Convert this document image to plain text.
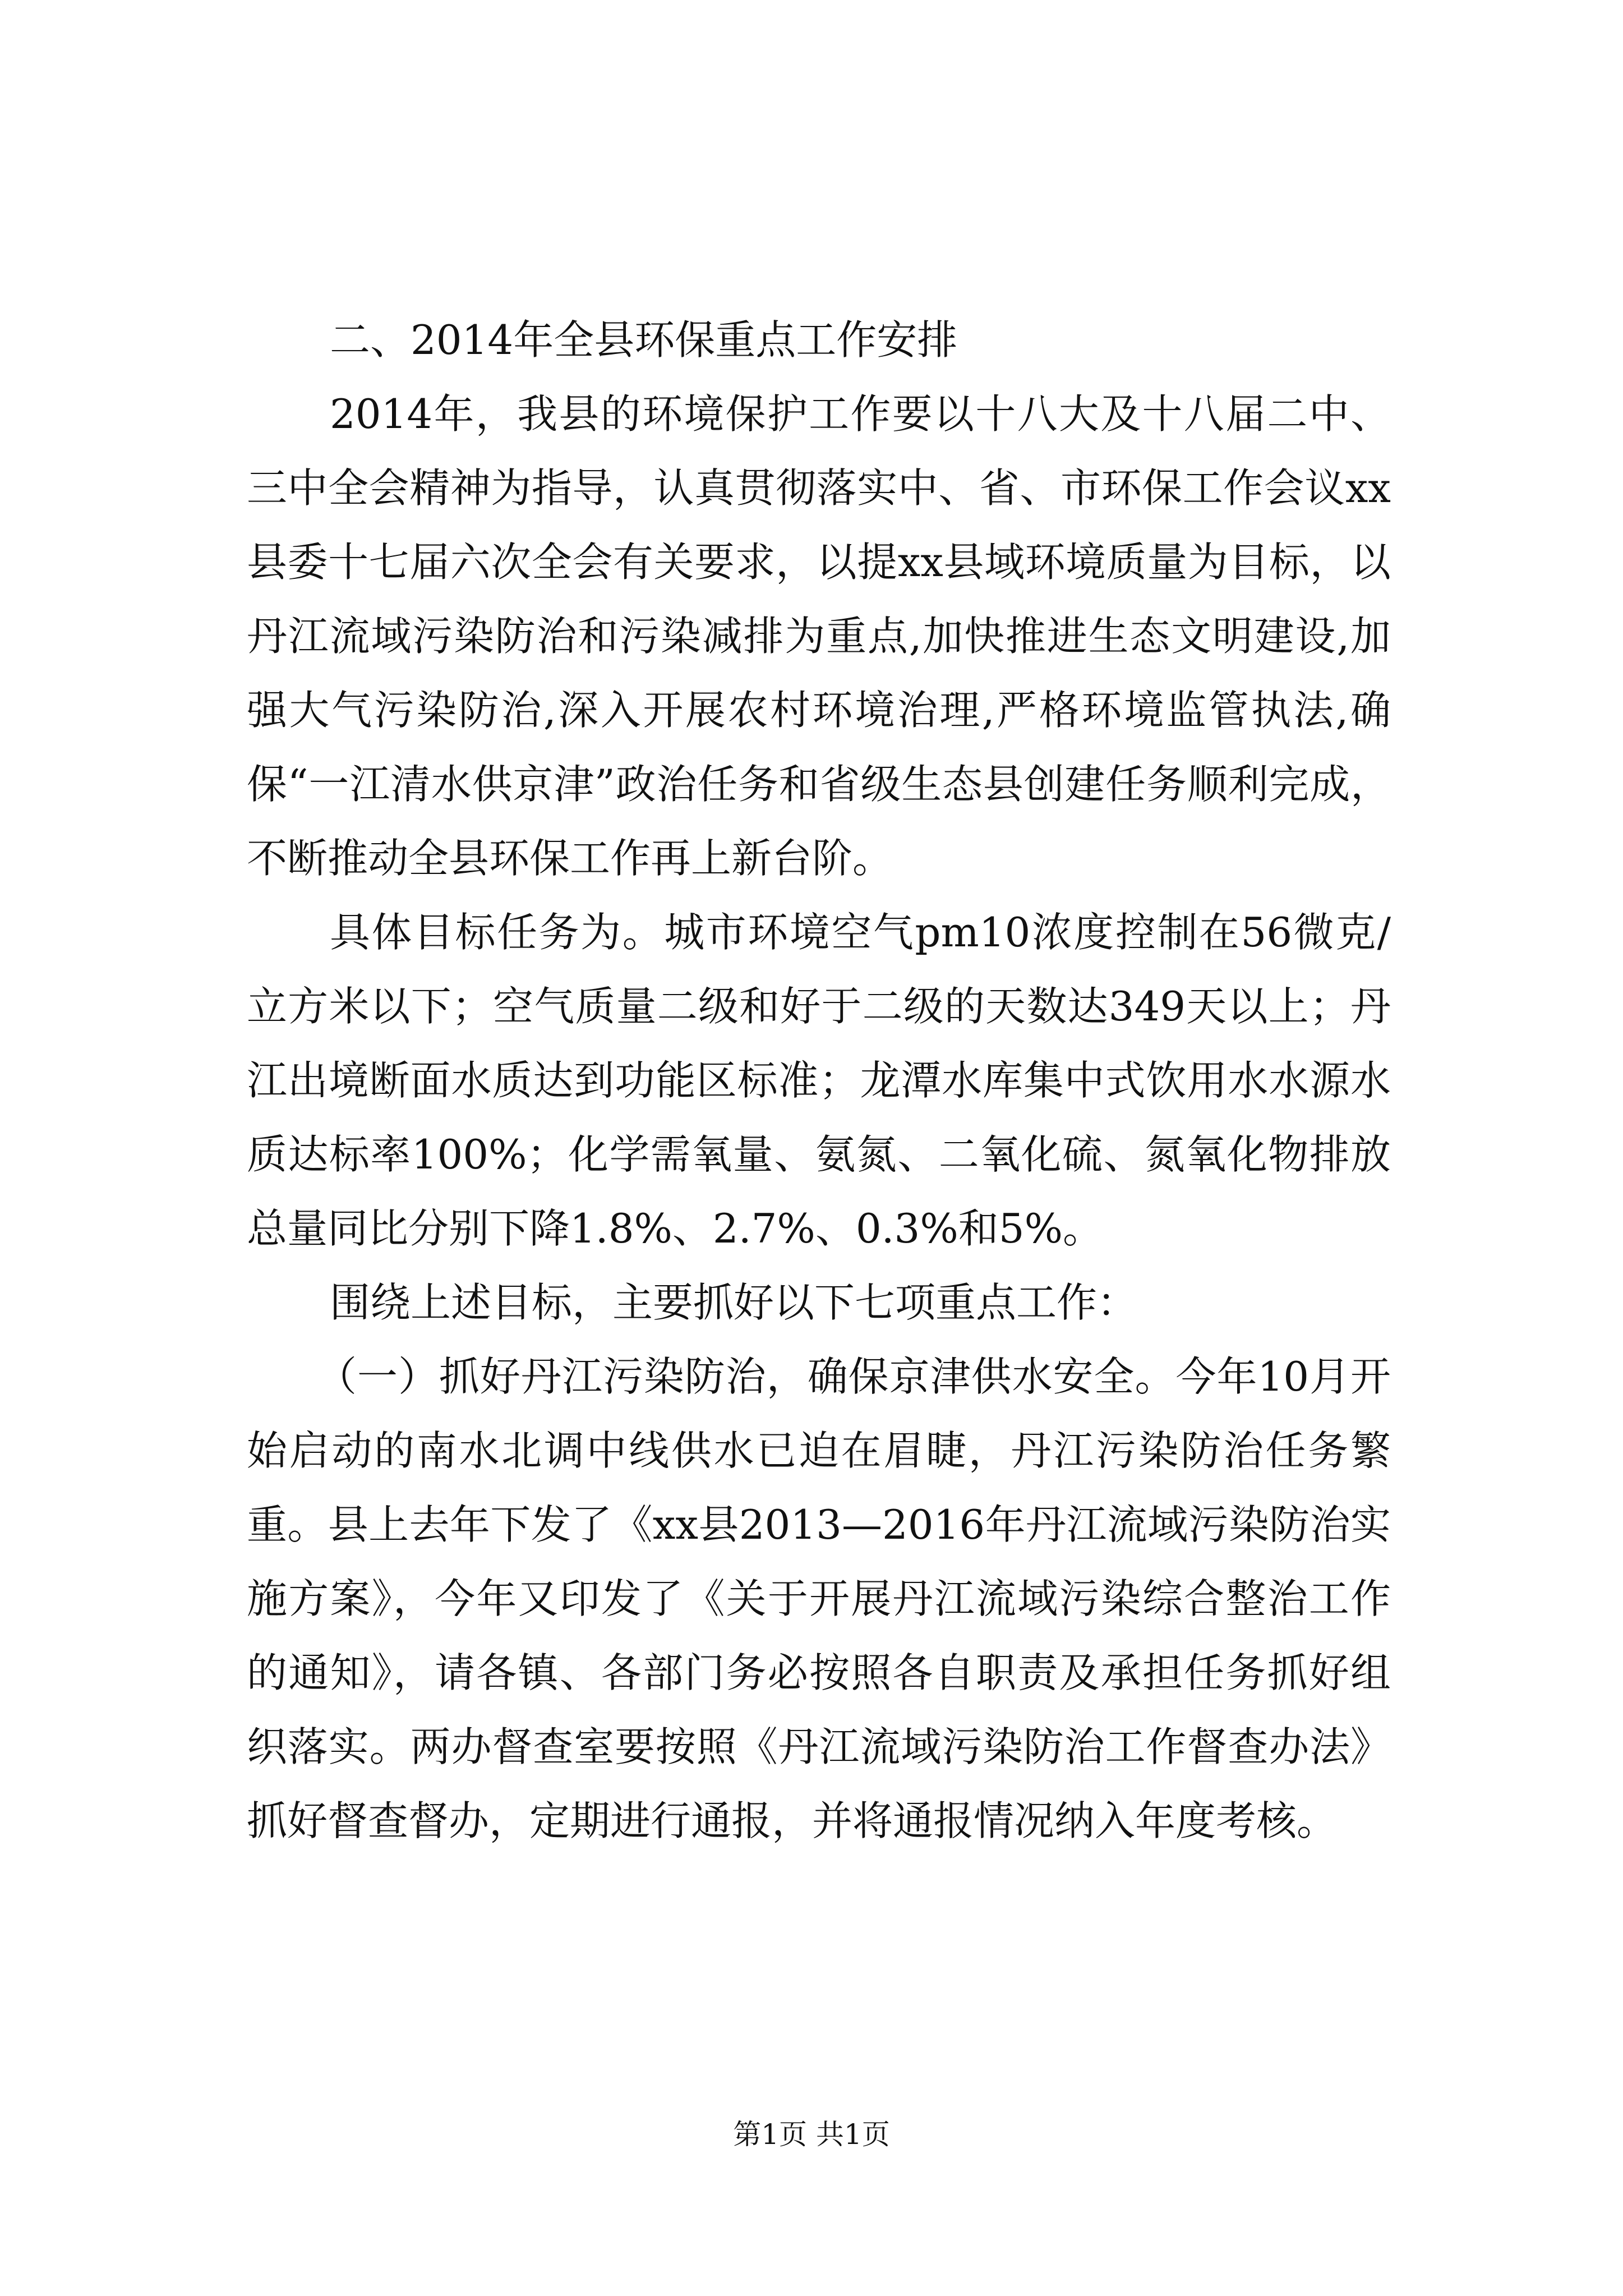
二、2014年全县环保重点工作安排

2014年，我县的环境保护工作要以十八大及十八届二中、三中全会精神为指导，认真贯彻落实中、省、市环保工作会议xx县委十七届六次全会有关要求，以提xx县域环境质量为目标，以丹江流域污染防治和污染减排为重点,加快推进生态文明建设,加强大气污染防治,深入开展农村环境治理,严格环境监管执法,确保“一江清水供京津”政治任务和省级生态县创建任务顺利完成，不断推动全县环保工作再上新台阶。

具体目标任务为。城市环境空气pm10浓度控制在56微克/立方米以下；空气质量二级和好于二级的天数达349天以上；丹江出境断面水质达到功能区标准；龙潭水库集中式饮用水水源水质达标率100%；化学需氧量、氨氮、二氧化硫、氮氧化物排放总量同比分别下降1.8%、2.7%、0.3%和5%。

围绕上述目标，主要抓好以下七项重点工作：

（一）抓好丹江污染防治，确保京津供水安全。今年10月开始启动的南水北调中线供水已迫在眉睫，丹江污染防治任务繁重。县上去年下发了《xx县2013—2016年丹江流域污染防治实施方案》，今年又印发了《关于开展丹江流域污染综合整治工作的通知》，请各镇、各部门务必按照各自职责及承担任务抓好组织落实。两办督查室要按照《丹江流域污染防治工作督查办法》抓好督查督办，定期进行通报，并将通报情况纳入年度考核。

第1页 共1页
